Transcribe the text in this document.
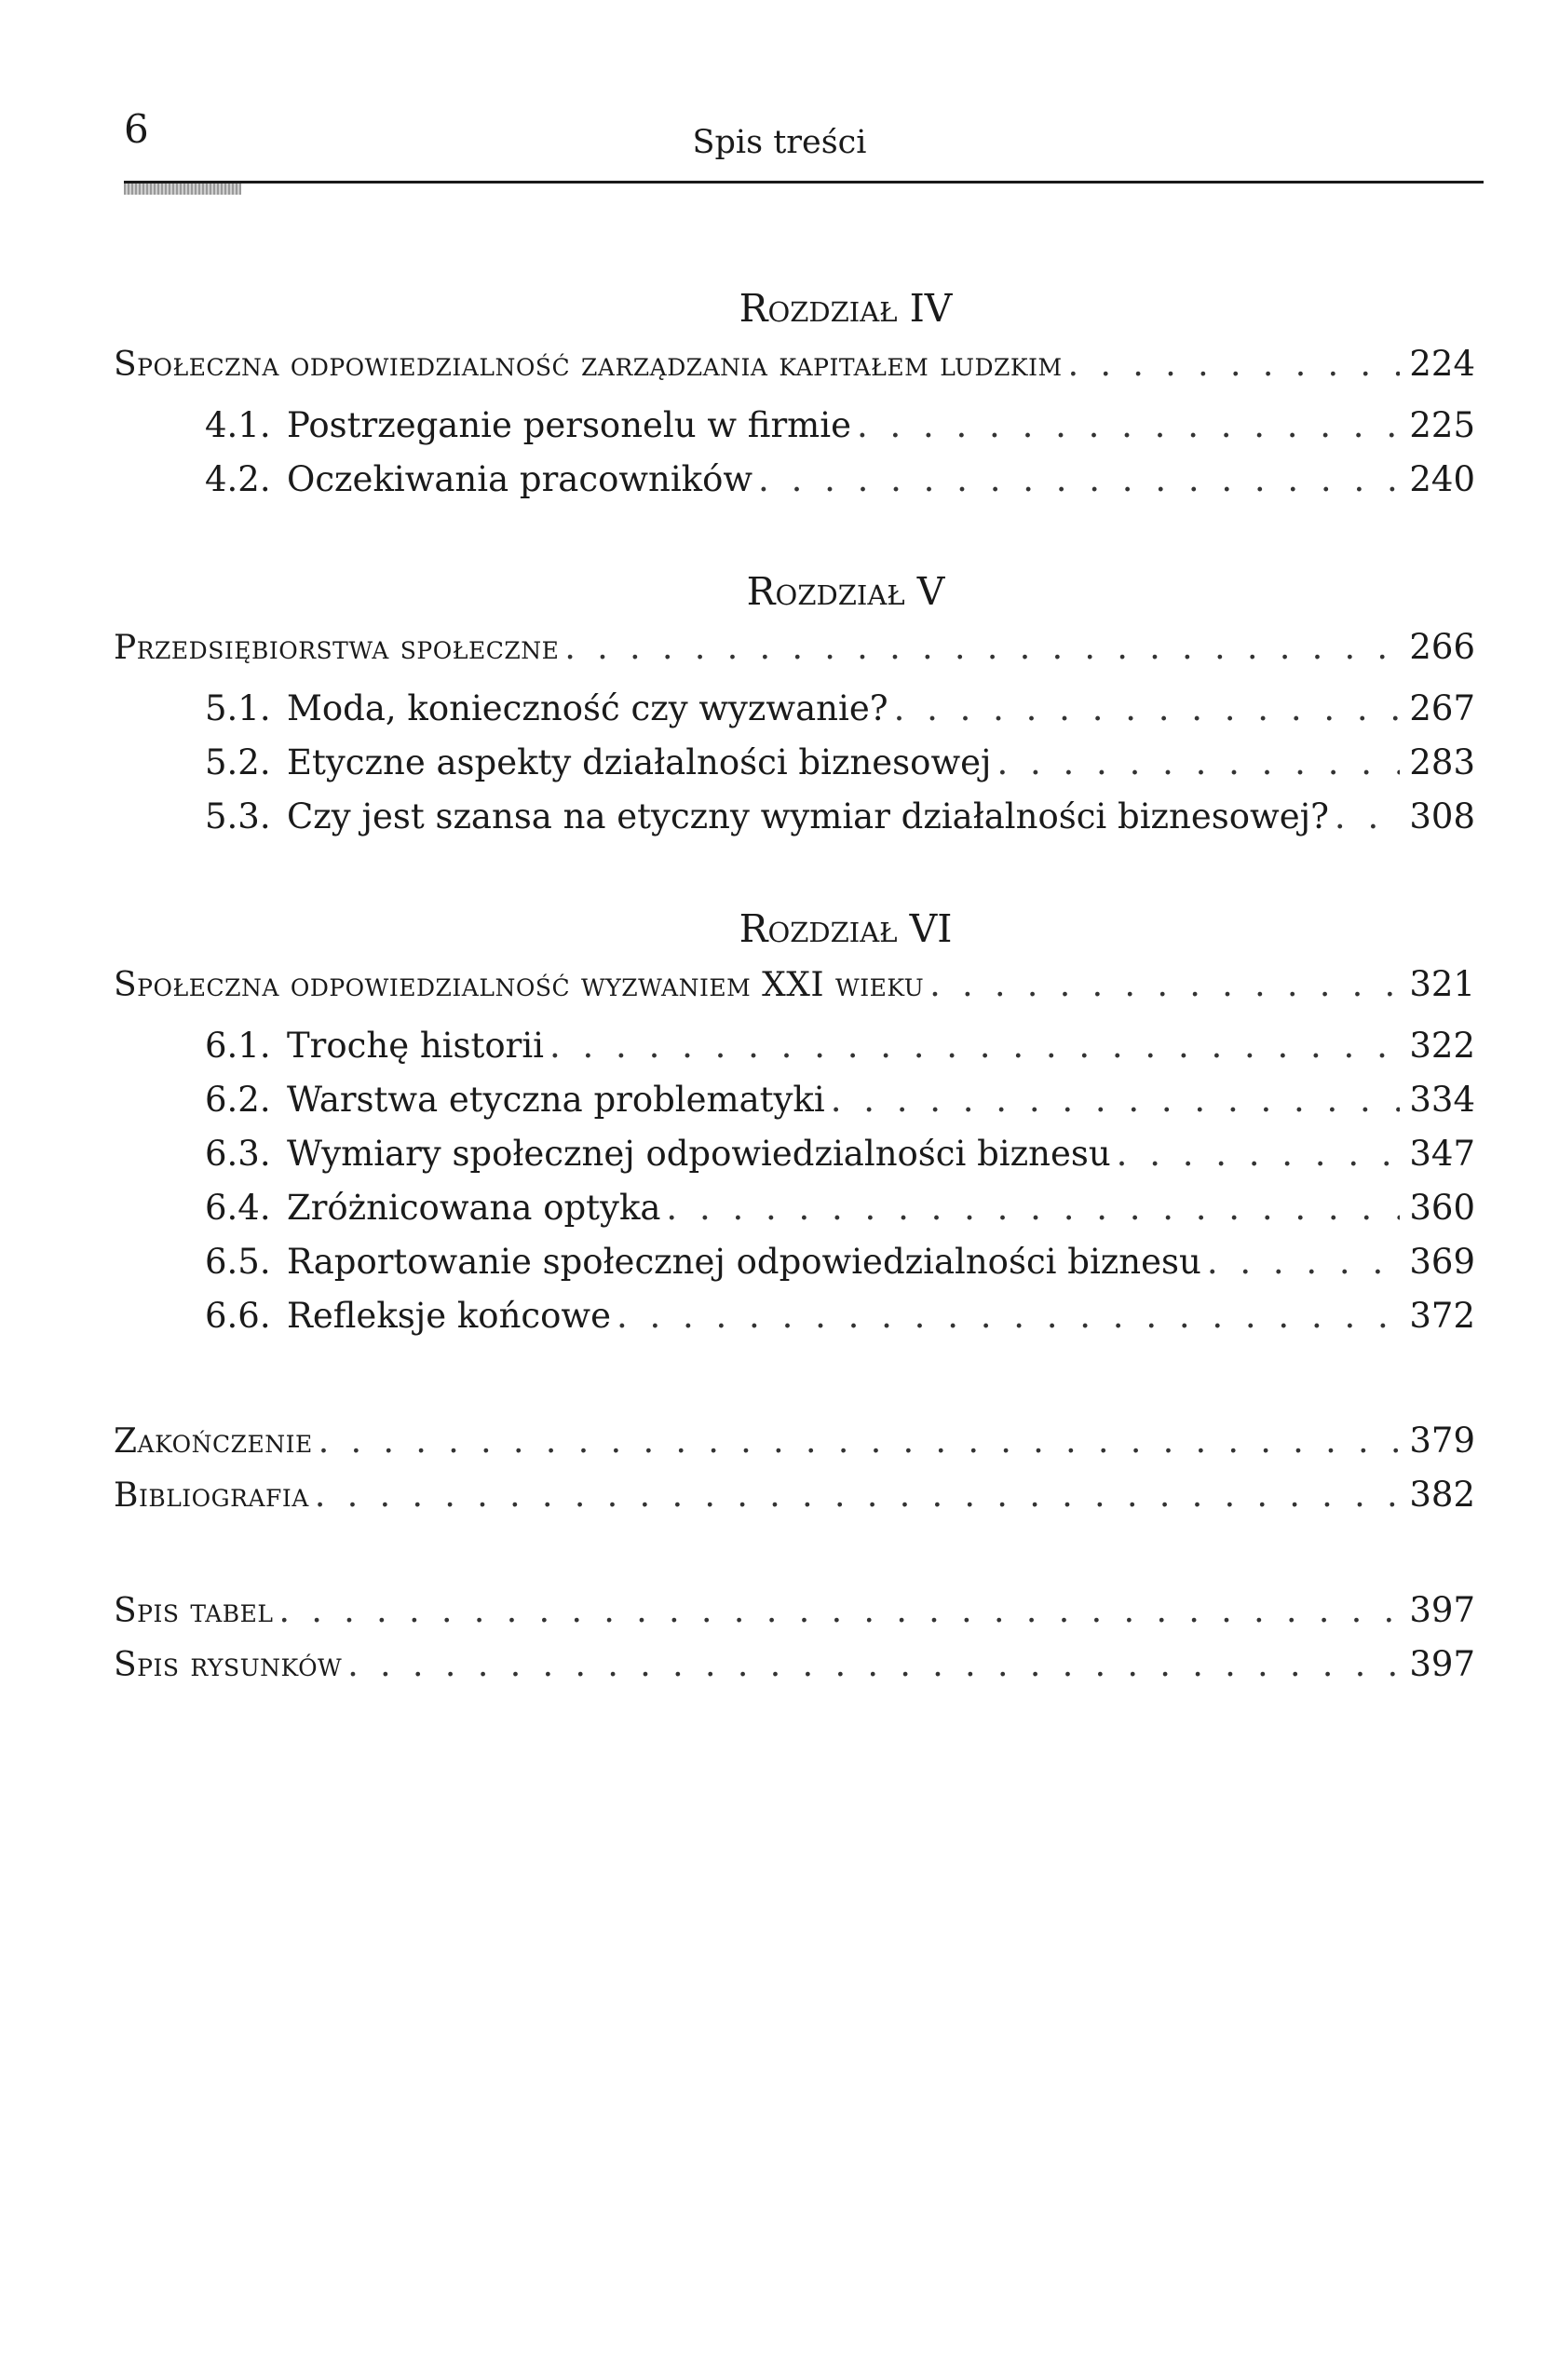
6	Spis treści
Rozdział IV
Społeczna odpowiedzialność zarządzania kapitałem ludzkim . . .	224
4.1. Postrzeganie personelu w firmie . . .	225
4.2. Oczekiwania pracowników . . .	240
Rozdział V
Przedsiębiorstwa społeczne . . .	266
5.1. Moda, konieczność czy wyzwanie? . . .	267
5.2. Etyczne aspekty działalności biznesowej . . .	283
5.3. Czy jest szansa na etyczny wymiar działalności biznesowej? . . . 308
Rozdział VI
Społeczna odpowiedzialność wyzwaniem XXI wieku . . .	321
6.1. Trochę historii . . .	322
6.2. Warstwa etyczna problematyki . . .	334
6.3. Wymiary społecznej odpowiedzialności biznesu . . .	347
6.4. Zróżnicowana optyka . . .	360
6.5. Raportowanie społecznej odpowiedzialności biznesu . . .	369
6.6. Refleksje końcowe . . .	372
Zakończenie . . .	379
Bibliografia . . .	382
Spis tabel . . .	397
Spis rysunków . . .	397
